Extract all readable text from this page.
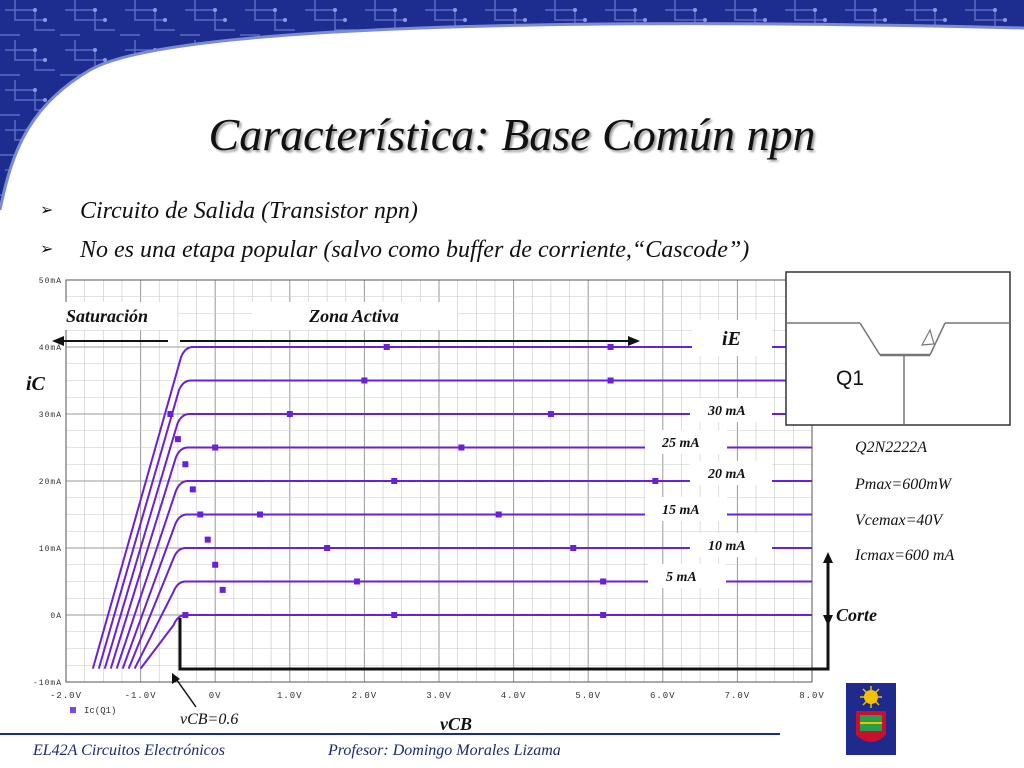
Característica: Base Común npn
➢ Circuito de Salida (Transistor npn)
➢ No es una etapa popular (salvo como buffer de corriente,“Cascode”)
-2.0V	-1.0V	0V	1.0V	2.0V	3.0V	4.0V	5.0V	6.0V	7.0V	8.0V
-10mA
0A
10mA
20mA
30mA
40mA
50mA
Saturación	Zona Activa
iE
iC
30 mA
25 mA
20 mA
15 mA
10 mA
5 mA
Corte
vCB=0.6	vCB
Ic(Q1)
Q1
Q2N2222A
Pmax=600mW
Vcemax=40V
Icmax=600 mA
EL42A Circuitos Electrónicos	Profesor: Domingo Morales Lizama
